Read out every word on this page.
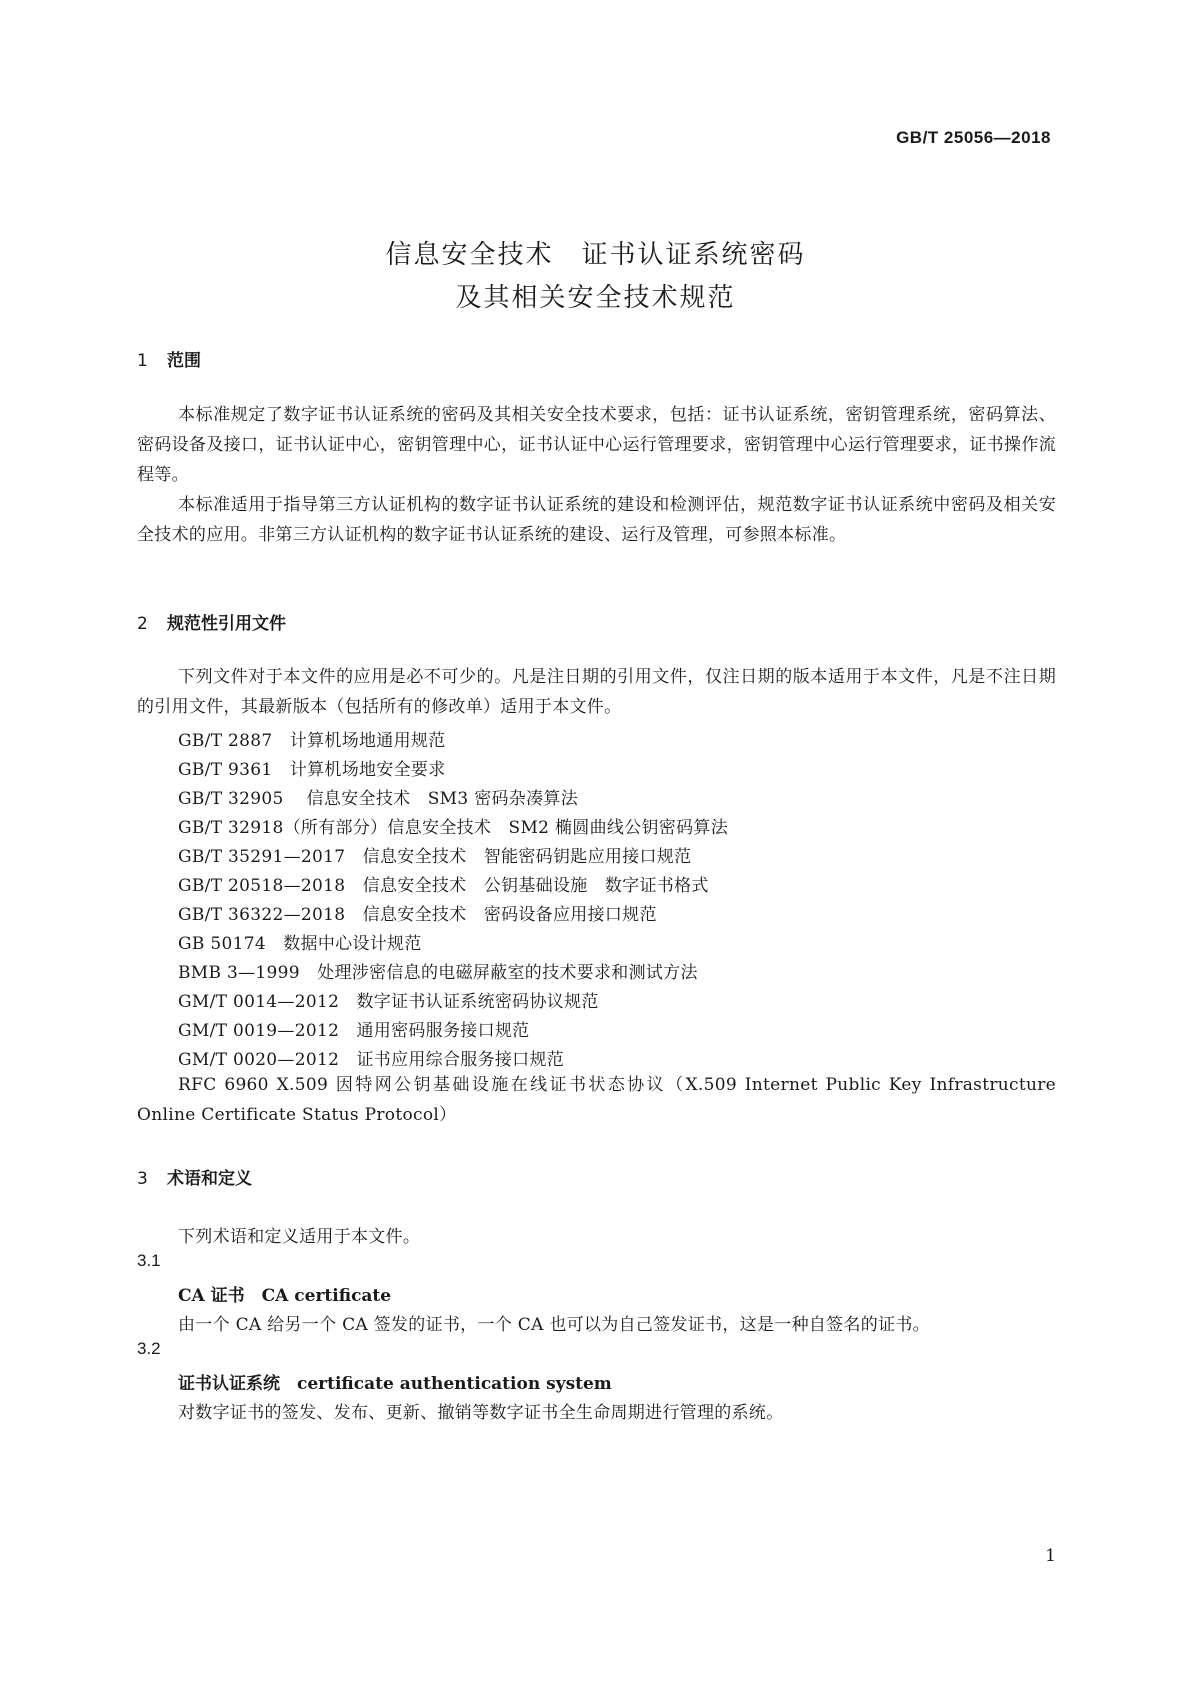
GB/T 25056—2018
信息安全技术　证书认证系统密码
及其相关安全技术规范
1 范围
本标准规定了数字证书认证系统的密码及其相关安全技术要求，包括：证书认证系统，密钥管理系统，密码算法、密码设备及接口，证书认证中心，密钥管理中心，证书认证中心运行管理要求，密钥管理中心运行管理要求，证书操作流程等。
本标准适用于指导第三方认证机构的数字证书认证系统的建设和检测评估，规范数字证书认证系统中密码及相关安全技术的应用。非第三方认证机构的数字证书认证系统的建设、运行及管理，可参照本标准。
2 规范性引用文件
下列文件对于本文件的应用是必不可少的。凡是注日期的引用文件，仅注日期的版本适用于本文件，凡是不注日期的引用文件，其最新版本（包括所有的修改单）适用于本文件。
GB/T 2887　计算机场地通用规范
GB/T 9361　计算机场地安全要求
GB/T 32905　 信息安全技术　SM3 密码杂凑算法
GB/T 32918（所有部分）信息安全技术　SM2 椭圆曲线公钥密码算法
GB/T 35291—2017　信息安全技术　智能密码钥匙应用接口规范
GB/T 20518—2018　信息安全技术　公钥基础设施　数字证书格式
GB/T 36322—2018　信息安全技术　密码设备应用接口规范
GB 50174　数据中心设计规范
BMB 3—1999　处理涉密信息的电磁屏蔽室的技术要求和测试方法
GM/T 0014—2012　数字证书认证系统密码协议规范
GM/T 0019—2012　通用密码服务接口规范
GM/T 0020—2012　证书应用综合服务接口规范
RFC 6960 X.509 因特网公钥基础设施在线证书状态协议（X.509 Internet Public Key Infrastructure Online Certificate Status Protocol）
3 术语和定义
下列术语和定义适用于本文件。
3.1
CA 证书　CA certificate
由一个 CA 给另一个 CA 签发的证书，一个 CA 也可以为自己签发证书，这是一种自签名的证书。
3.2
证书认证系统　certificate authentication system
对数字证书的签发、发布、更新、撤销等数字证书全生命周期进行管理的系统。
1
